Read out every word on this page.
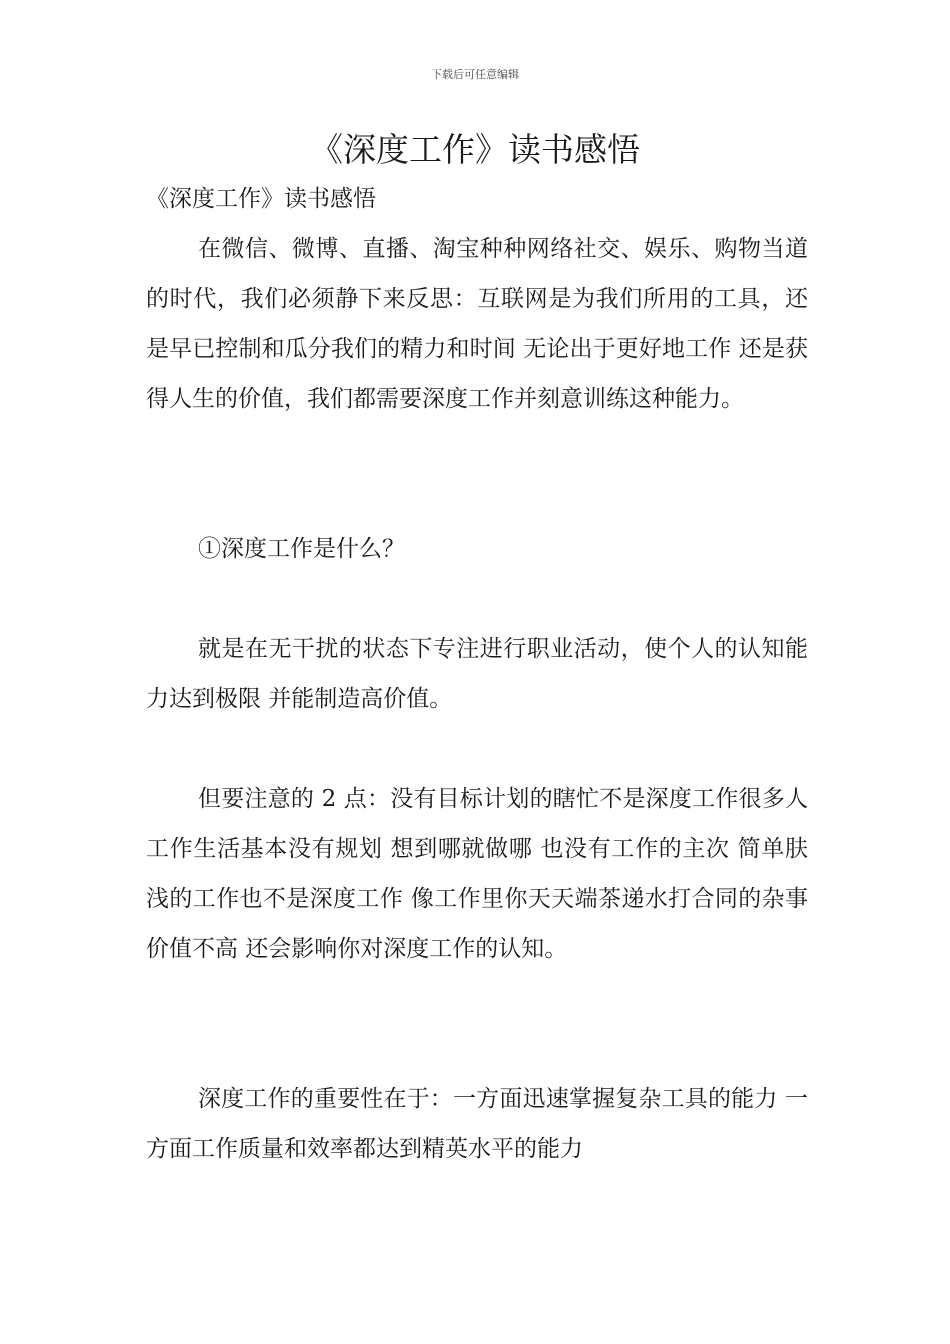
下载后可任意编辑
《深度工作》读书感悟
《深度工作》读书感悟

在微信、微博、直播、淘宝种种网络社交、娱乐、购物当道的时代，我们必须静下来反思：互联网是为我们所用的工具，还是早已控制和瓜分我们的精力和时间 无论出于更好地工作 还是获得人生的价值，我们都需要深度工作并刻意训练这种能力。

①深度工作是什么？

就是在无干扰的状态下专注进行职业活动，使个人的认知能力达到极限 并能制造高价值。

但要注意的 2 点：没有目标计划的瞎忙不是深度工作很多人工作生活基本没有规划 想到哪就做哪 也没有工作的主次 简单肤浅的工作也不是深度工作 像工作里你天天端茶递水打合同的杂事 价值不高 还会影响你对深度工作的认知。

深度工作的重要性在于：一方面迅速掌握复杂工具的能力 一方面工作质量和效率都达到精英水平的能力
